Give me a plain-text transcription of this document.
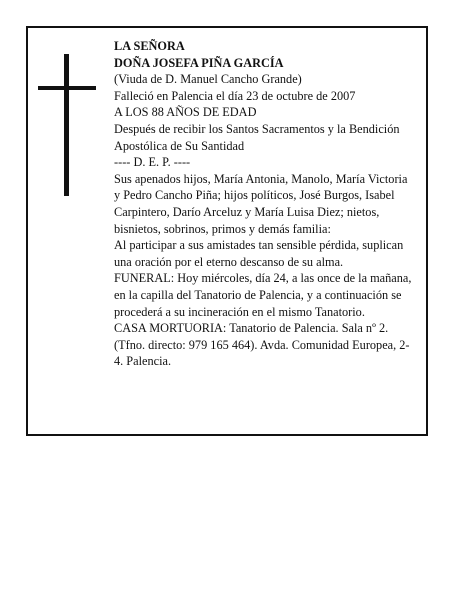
LA SEÑORA

DOÑA JOSEFA PIÑA GARCÍA

(Viuda de D. Manuel Cancho Grande)

Falleció en Palencia el día 23 de octubre de 2007

A LOS 88 AÑOS DE EDAD

Después de recibir los Santos Sacramentos y la Bendición Apostólica de Su Santidad

---- D. E. P. ----

Sus apenados hijos, María Antonia, Manolo, María Victoria y Pedro Cancho Piña; hijos políticos, José Burgos, Isabel Carpintero, Darío Arceluz y María Luisa Diez; nietos, bisnietos, sobrinos, primos y demás familia:

Al participar a sus amistades tan sensible pérdida, suplican una oración por el eterno descanso de su alma.

FUNERAL: Hoy miércoles, día 24, a las once de la mañana, en la capilla del Tanatorio de Palencia, y a continuación se procederá a su incineración en el mismo Tanatorio.

CASA MORTUORIA: Tanatorio de Palencia. Sala nº 2. (Tfno. directo: 979 165 464). Avda. Comunidad Europea, 2-4. Palencia.
